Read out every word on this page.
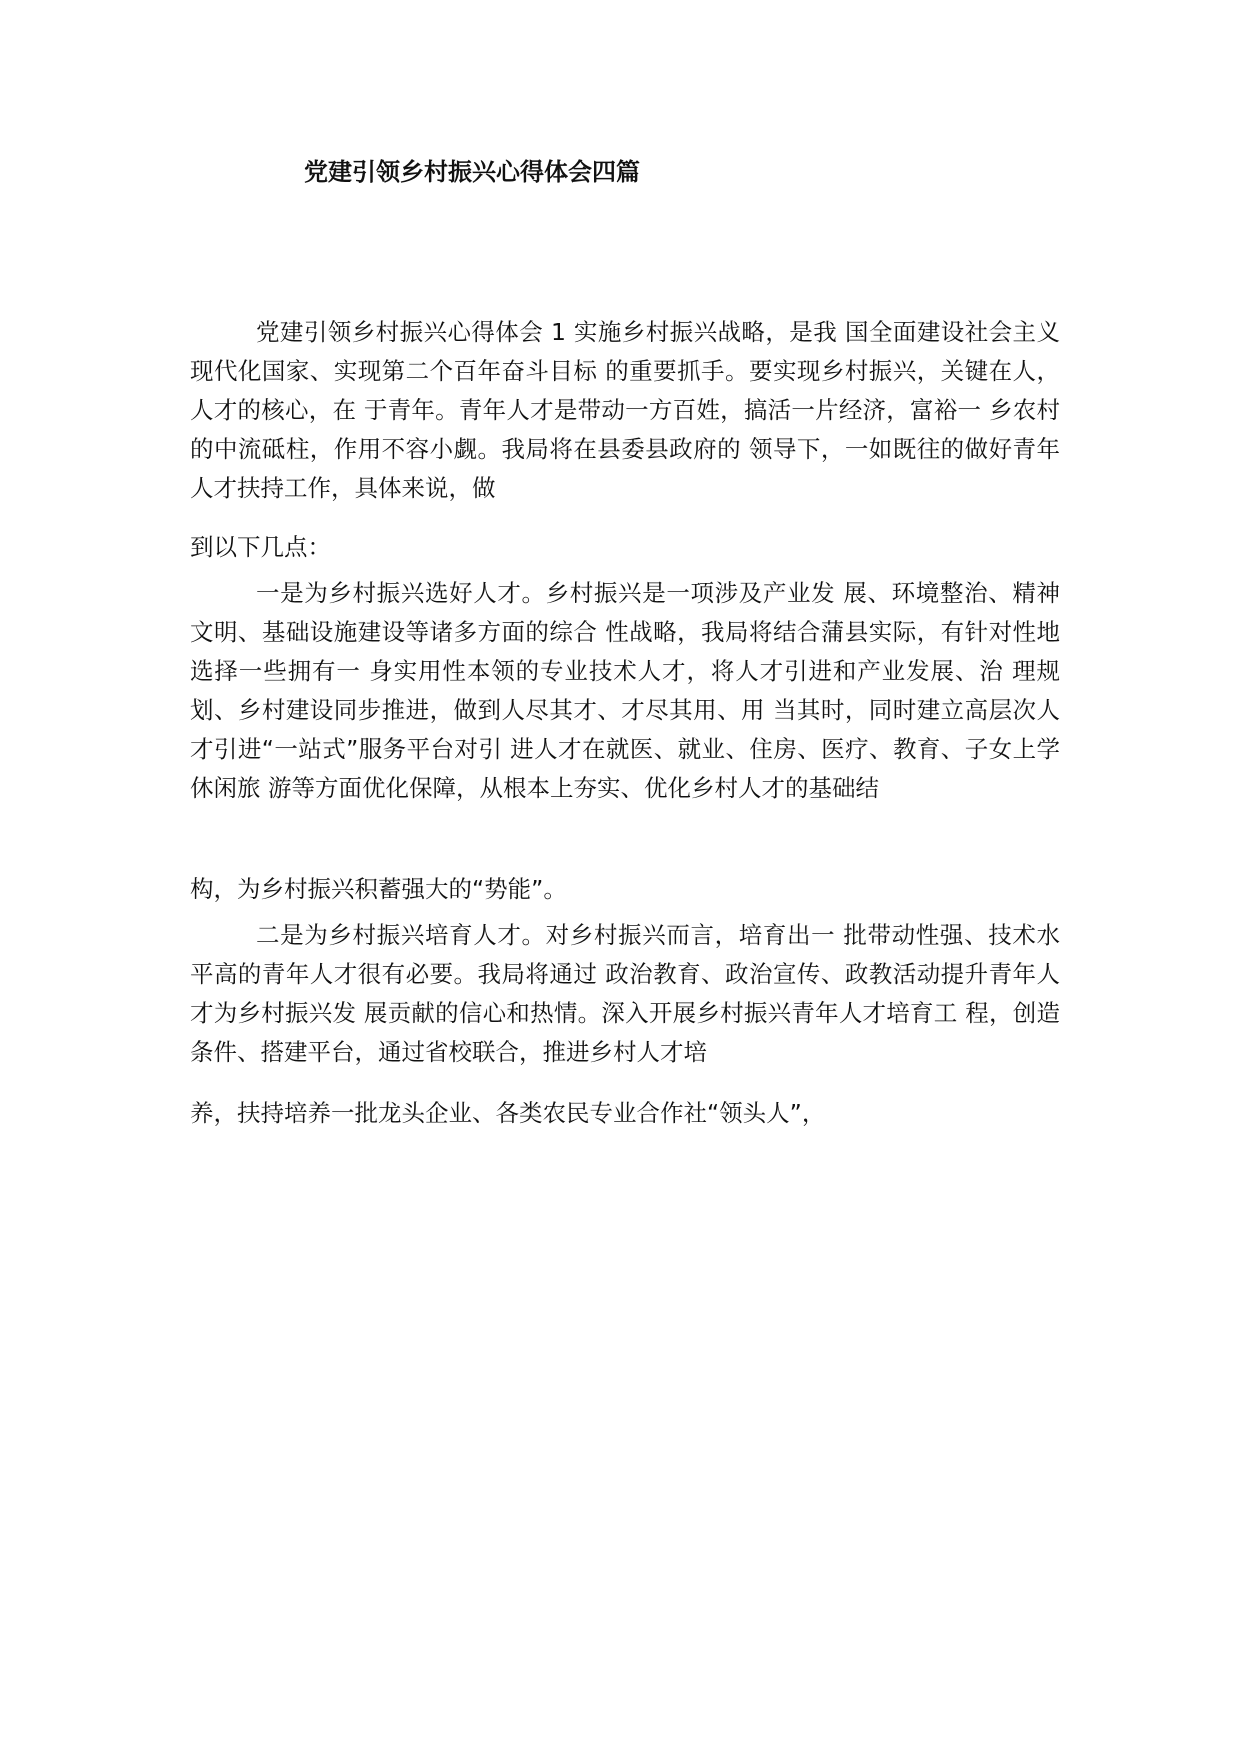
党建引领乡村振兴心得体会四篇

党建引领乡村振兴心得体会 1 实施乡村振兴战略，是我 国全面建设社会主义现代化国家、实现第二个百年奋斗目标 的重要抓手。要实现乡村振兴，关键在人，人才的核心，在 于青年。青年人才是带动一方百姓，搞活一片经济，富裕一 乡农村的中流砥柱，作用不容小觑。我局将在县委县政府的 领导下，一如既往的做好青年人才扶持工作，具体来说，做

到以下几点：

一是为乡村振兴选好人才。乡村振兴是一项涉及产业发 展、环境整治、精神文明、基础设施建设等诸多方面的综合 性战略，我局将结合蒲县实际，有针对性地选择一些拥有一 身实用性本领的专业技术人才，将人才引进和产业发展、治 理规划、乡村建设同步推进，做到人尽其才、才尽其用、用 当其时，同时建立高层次人才引进“一站式”服务平台对引 进人才在就医、就业、住房、医疗、教育、子女上学休闲旅 游等方面优化保障，从根本上夯实、优化乡村人才的基础结

构，为乡村振兴积蓄强大的“势能”。

二是为乡村振兴培育人才。对乡村振兴而言，培育出一 批带动性强、技术水平高的青年人才很有必要。我局将通过 政治教育、政治宣传、政教活动提升青年人才为乡村振兴发 展贡献的信心和热情。深入开展乡村振兴青年人才培育工 程，创造条件、搭建平台，通过省校联合，推进乡村人才培

养，扶持培养一批龙头企业、各类农民专业合作社“领头人”，
